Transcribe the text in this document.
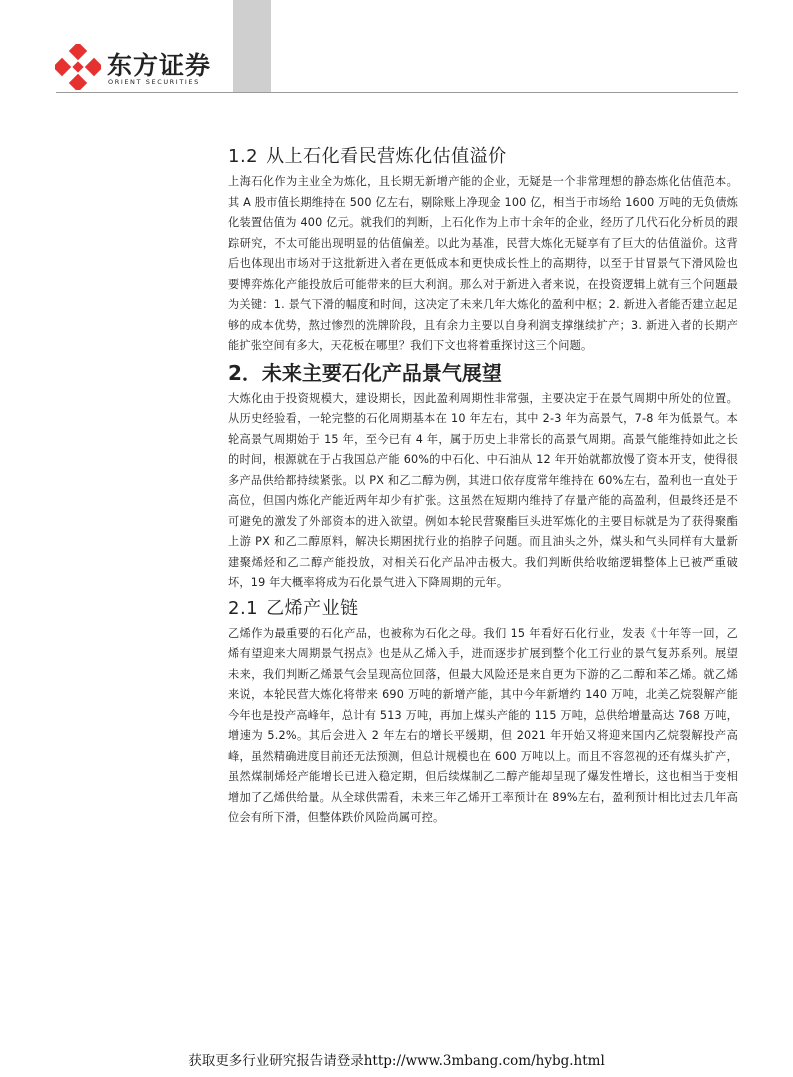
东方证券
ORIENT SECURITIES
1.2 从上石化看民营炼化估值溢价

上海石化作为主业全为炼化，且长期无新增产能的企业，无疑是一个非常理想的静态炼化估值范本。其 A 股市值长期维持在 500 亿左右，剔除账上净现金 100 亿，相当于市场给 1600 万吨的无负债炼化装置估值为 400 亿元。就我们的判断，上石化作为上市十余年的企业，经历了几代石化分析员的跟踪研究，不太可能出现明显的估值偏差。以此为基准，民营大炼化无疑享有了巨大的估值溢价。这背后也体现出市场对于这批新进入者在更低成本和更快成长性上的高期待，以至于甘冒景气下滑风险也要博弈炼化产能投放后可能带来的巨大利润。那么对于新进入者来说，在投资逻辑上就有三个问题最为关键：1. 景气下滑的幅度和时间，这决定了未来几年大炼化的盈利中枢；2. 新进入者能否建立起足够的成本优势，熬过惨烈的洗牌阶段，且有余力主要以自身利润支撑继续扩产；3. 新进入者的长期产能扩张空间有多大，天花板在哪里？我们下文也将着重探讨这三个问题。

2．未来主要石化产品景气展望

大炼化由于投资规模大，建设期长，因此盈利周期性非常强，主要决定于在景气周期中所处的位置。从历史经验看，一轮完整的石化周期基本在 10 年左右，其中 2-3 年为高景气，7-8 年为低景气。本轮高景气周期始于 15 年，至今已有 4 年，属于历史上非常长的高景气周期。高景气能维持如此之长的时间，根源就在于占我国总产能 60%的中石化、中石油从 12 年开始就都放慢了资本开支，使得很多产品供给都持续紧张。以 PX 和乙二醇为例，其进口依存度常年维持在 60%左右，盈利也一直处于高位，但国内炼化产能近两年却少有扩张。这虽然在短期内维持了存量产能的高盈利，但最终还是不可避免的激发了外部资本的进入欲望。例如本轮民营聚酯巨头进军炼化的主要目标就是为了获得聚酯上游 PX 和乙二醇原料，解决长期困扰行业的掐脖子问题。而且油头之外，煤头和气头同样有大量新建聚烯烃和乙二醇产能投放，对相关石化产品冲击极大。我们判断供给收缩逻辑整体上已被严重破坏，19 年大概率将成为石化景气进入下降周期的元年。

2.1 乙烯产业链

乙烯作为最重要的石化产品，也被称为石化之母。我们 15 年看好石化行业，发表《十年等一回，乙烯有望迎来大周期景气拐点》也是从乙烯入手，进而逐步扩展到整个化工行业的景气复苏系列。展望未来，我们判断乙烯景气会呈现高位回落，但最大风险还是来自更为下游的乙二醇和苯乙烯。就乙烯来说，本轮民营大炼化将带来 690 万吨的新增产能，其中今年新增约 140 万吨，北美乙烷裂解产能今年也是投产高峰年，总计有 513 万吨，再加上煤头产能的 115 万吨，总供给增量高达 768 万吨，增速为 5.2%。其后会进入 2 年左右的增长平缓期，但 2021 年开始又将迎来国内乙烷裂解投产高峰，虽然精确进度目前还无法预测，但总计规模也在 600 万吨以上。而且不容忽视的还有煤头扩产，虽然煤制烯烃产能增长已进入稳定期，但后续煤制乙二醇产能却呈现了爆发性增长，这也相当于变相增加了乙烯供给量。从全球供需看，未来三年乙烯开工率预计在 89%左右，盈利预计相比过去几年高位会有所下滑，但整体跌价风险尚属可控。

获取更多行业研究报告请登录http://www.3mbang.com/hybg.html
